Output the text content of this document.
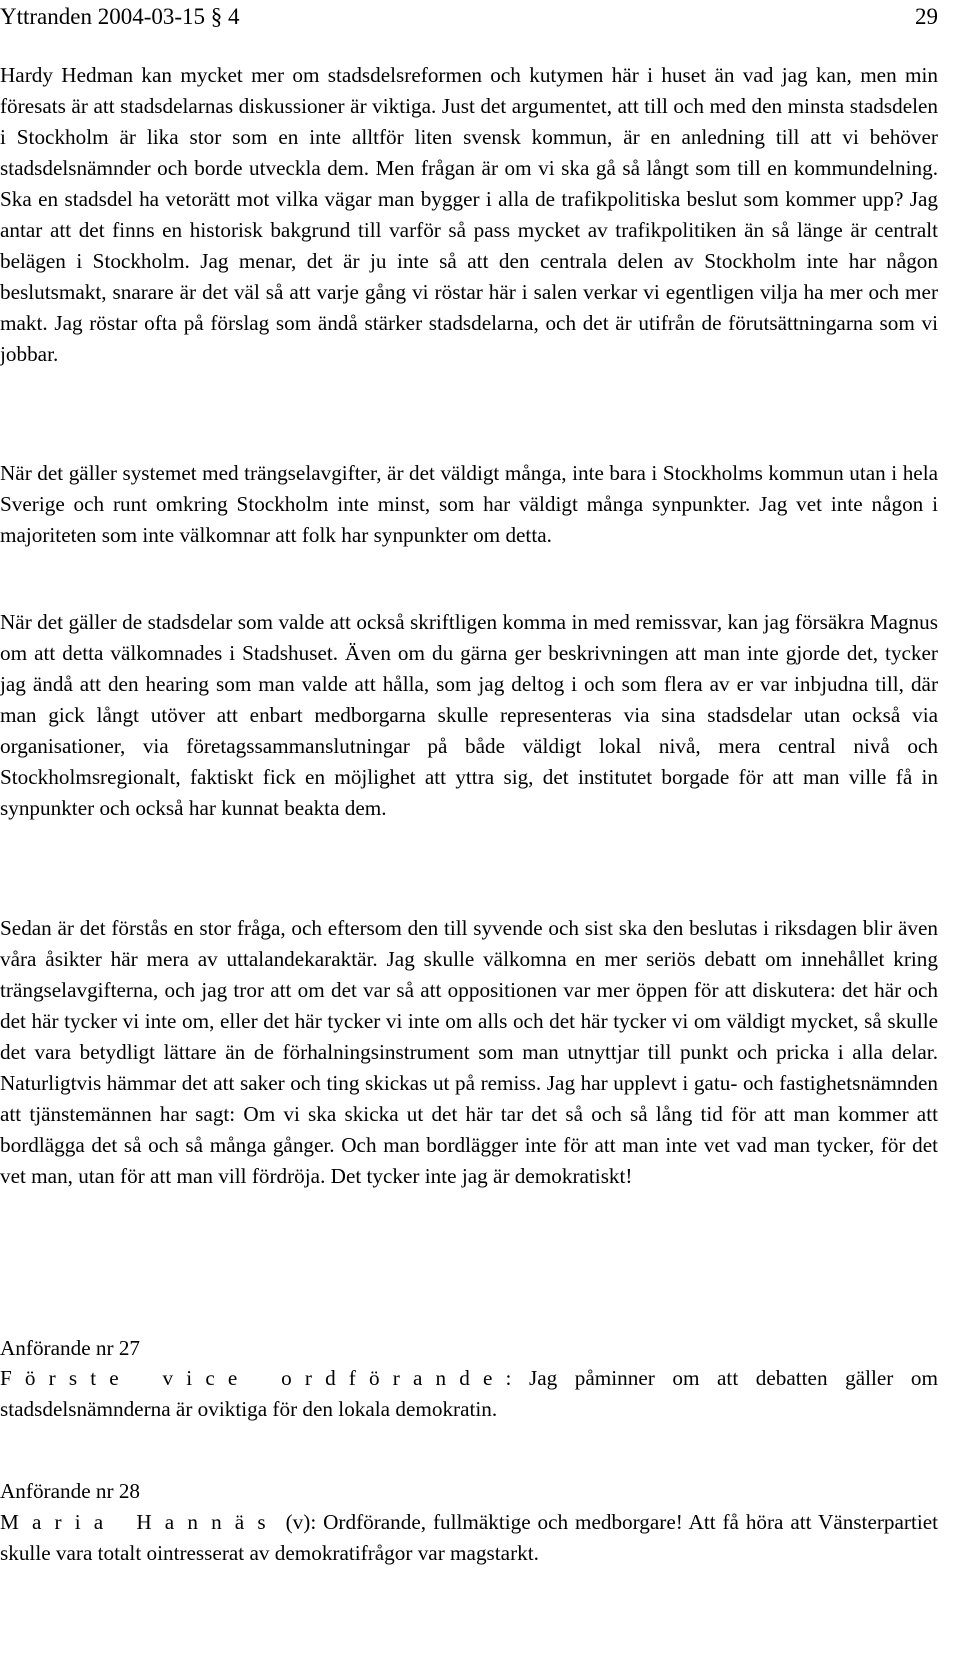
Yttranden 2004-03-15 § 4	29

Hardy Hedman kan mycket mer om stadsdelsreformen och kutymen här i huset än vad jag kan, men min föresats är att stadsdelarnas diskussioner är viktiga. Just det argumentet, att till och med den minsta stadsdelen i Stockholm är lika stor som en inte alltför liten svensk kommun, är en anledning till att vi behöver stadsdelsnämnder och borde utveckla dem. Men frågan är om vi ska gå så långt som till en kommundelning. Ska en stadsdel ha vetorätt mot vilka vägar man bygger i alla de trafikpolitiska beslut som kommer upp? Jag antar att det finns en historisk bakgrund till varför så pass mycket av trafikpolitiken än så länge är centralt belägen i Stockholm. Jag menar, det är ju inte så att den centrala delen av Stockholm inte har någon beslutsmakt, snarare är det väl så att varje gång vi röstar här i salen verkar vi egentligen vilja ha mer och mer makt. Jag röstar ofta på förslag som ändå stärker stadsdelarna, och det är utifrån de förutsättningarna som vi jobbar.

När det gäller systemet med trängselavgifter, är det väldigt många, inte bara i Stockholms kommun utan i hela Sverige och runt omkring Stockholm inte minst, som har väldigt många synpunkter. Jag vet inte någon i majoriteten som inte välkomnar att folk har synpunkter om detta.

När det gäller de stadsdelar som valde att också skriftligen komma in med remissvar, kan jag försäkra Magnus om att detta välkomnades i Stadshuset. Även om du gärna ger beskrivningen att man inte gjorde det, tycker jag ändå att den hearing som man valde att hålla, som jag deltog i och som flera av er var inbjudna till, där man gick långt utöver att enbart medborgarna skulle representeras via sina stadsdelar utan också via organisationer, via företagssammanslutningar på både väldigt lokal nivå, mera central nivå och Stockholmsregionalt, faktiskt fick en möjlighet att yttra sig, det institutet borgade för att man ville få in synpunkter och också har kunnat beakta dem.

Sedan är det förstås en stor fråga, och eftersom den till syvende och sist ska den beslutas i riksdagen blir även våra åsikter här mera av uttalandekaraktär. Jag skulle välkomna en mer seriös debatt om innehållet kring trängselavgifterna, och jag tror att om det var så att oppositionen var mer öppen för att diskutera: det här och det här tycker vi inte om, eller det här tycker vi inte om alls och det här tycker vi om väldigt mycket, så skulle det vara betydligt lättare än de förhalningsinstrument som man utnyttjar till punkt och pricka i alla delar. Naturligtvis hämmar det att saker och ting skickas ut på remiss. Jag har upplevt i gatu- och fastighetsnämnden att tjänstemännen har sagt: Om vi ska skicka ut det här tar det så och så lång tid för att man kommer att bordlägga det så och så många gånger. Och man bordlägger inte för att man inte vet vad man tycker, för det vet man, utan för att man vill fördröja. Det tycker inte jag är demokratiskt!

Anförande nr 27

Förste vice ordförande: Jag påminner om att debatten gäller om stadsdelsnämnderna är oviktiga för den lokala demokratin.

Anförande nr 28

Maria Hannäs (v): Ordförande, fullmäktige och medborgare! Att få höra att Vänsterpartiet skulle vara totalt ointresserat av demokratifrågor var magstarkt.
